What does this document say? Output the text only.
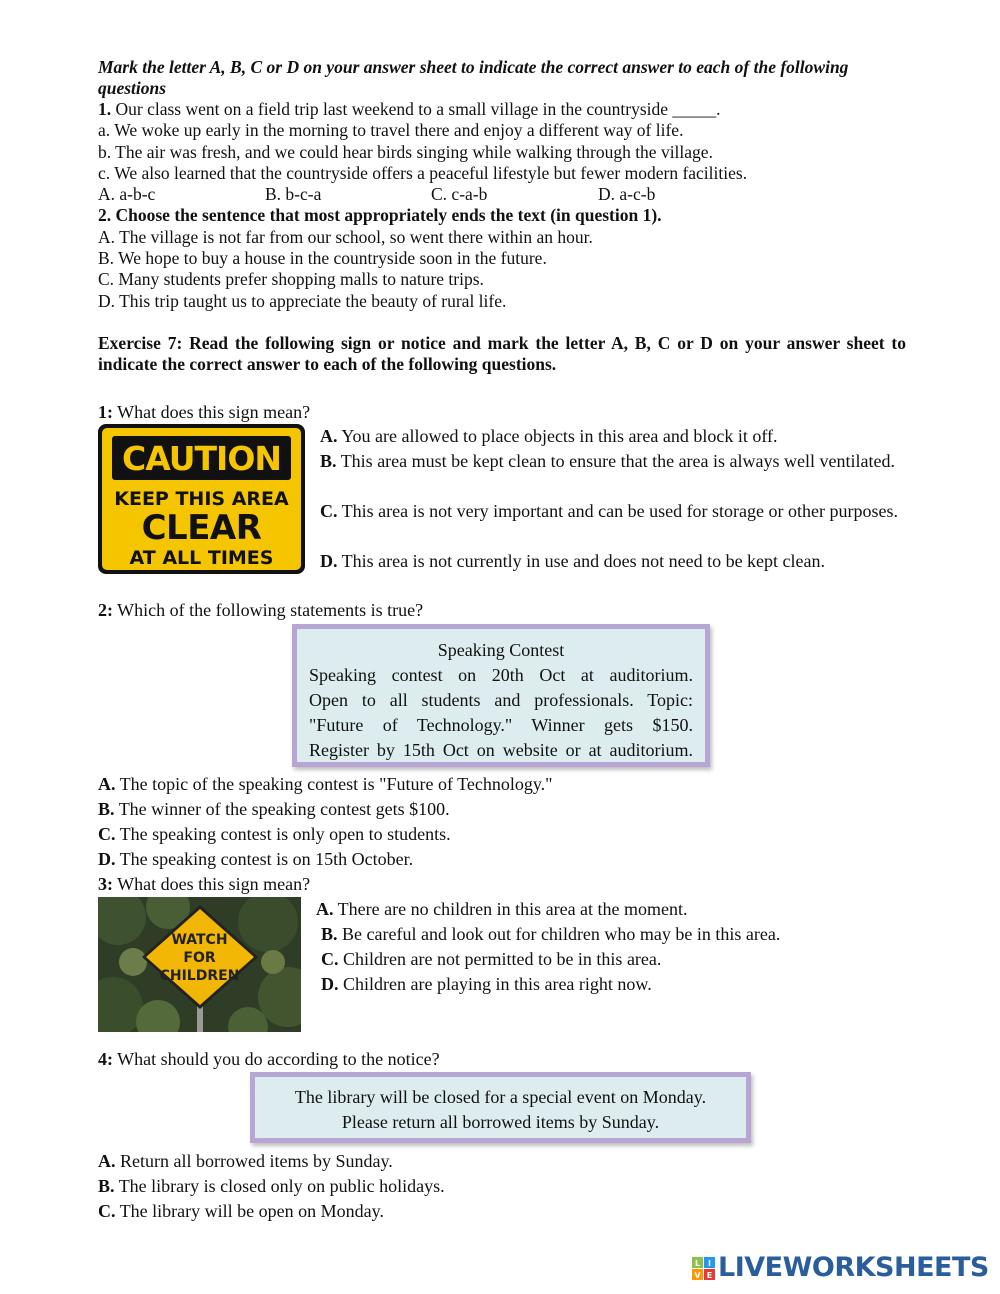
Mark the letter A, B, C or D on your answer sheet to indicate the correct answer to each of the following questions
1. Our class went on a field trip last weekend to a small village in the countryside _____.
a. We woke up early in the morning to travel there and enjoy a different way of life.
b. The air was fresh, and we could hear birds singing while walking through the village.
c. We also learned that the countryside offers a peaceful lifestyle but fewer modern facilities.
A. a-b-c	B. b-c-a	C. c-a-b	D. a-c-b
2. Choose the sentence that most appropriately ends the text (in question 1).
A. The village is not far from our school, so went there within an hour.
B. We hope to buy a house in the countryside soon in the future.
C. Many students prefer shopping malls to nature trips.
D. This trip taught us to appreciate the beauty of rural life.
Exercise 7: Read the following sign or notice and mark the letter A, B, C or D on your answer sheet to indicate the correct answer to each of the following questions.
1: What does this sign mean?
CAUTION
KEEP THIS AREA
CLEAR
AT ALL TIMES
A. You are allowed to place objects in this area and block it off.
B. This area must be kept clean to ensure that the area is always well ventilated.
C. This area is not very important and can be used for storage or other purposes.
D. This area is not currently in use and does not need to be kept clean.
2: Which of the following statements is true?
Speaking Contest
Speaking contest on 20th Oct at auditorium.
Open to all students and professionals. Topic:
"Future of Technology." Winner gets $150.
Register by 15th Oct on website or at auditorium.
A. The topic of the speaking contest is "Future of Technology."
B. The winner of the speaking contest gets $100.
C. The speaking contest is only open to students.
D. The speaking contest is on 15th October.
3: What does this sign mean?
WATCH
FOR
CHILDREN
A. There are no children in this area at the moment.
B. Be careful and look out for children who may be in this area.
C. Children are not permitted to be in this area.
D. Children are playing in this area right now.
4: What should you do according to the notice?
The library will be closed for a special event on Monday.
Please return all borrowed items by Sunday.
A. Return all borrowed items by Sunday.
B. The library is closed only on public holidays.
C. The library will be open on Monday.
L I
V E LIVEWORKSHEETS
